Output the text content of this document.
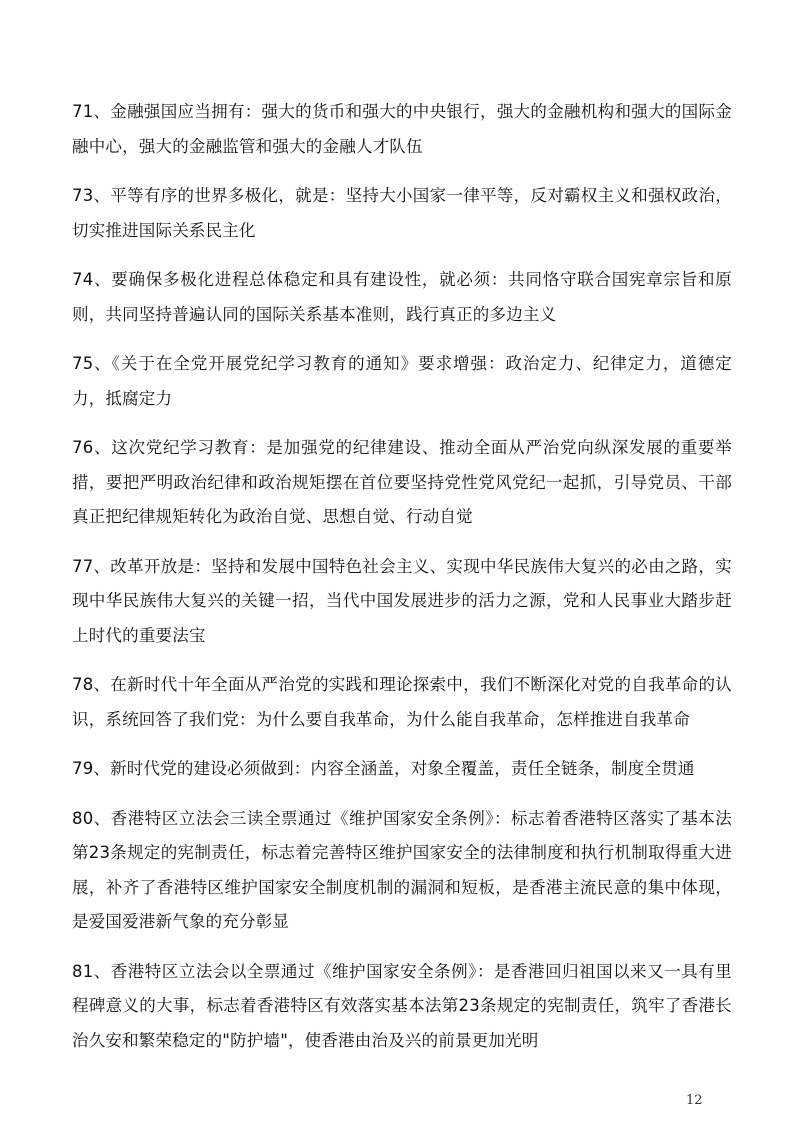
71、金融强国应当拥有：强大的货币和强大的中央银行，强大的金融机构和强大的国际金融中心，强大的金融监管和强大的金融人才队伍

73、平等有序的世界多极化，就是：坚持大小国家一律平等，反对霸权主义和强权政治，切实推进国际关系民主化

74、要确保多极化进程总体稳定和具有建设性，就必须：共同恪守联合国宪章宗旨和原则，共同坚持普遍认同的国际关系基本准则，践行真正的多边主义

75、《关于在全党开展党纪学习教育的通知》要求增强：政治定力、纪律定力，道德定力，抵腐定力

76、这次党纪学习教育：是加强党的纪律建设、推动全面从严治党向纵深发展的重要举措，要把严明政治纪律和政治规矩摆在首位要坚持党性党风党纪一起抓，引导党员、干部真正把纪律规矩转化为政治自觉、思想自觉、行动自觉

77、改革开放是：坚持和发展中国特色社会主义、实现中华民族伟大复兴的必由之路，实现中华民族伟大复兴的关键一招，当代中国发展进步的活力之源，党和人民事业大踏步赶上时代的重要法宝

78、在新时代十年全面从严治党的实践和理论探索中，我们不断深化对党的自我革命的认识，系统回答了我们党：为什么要自我革命，为什么能自我革命，怎样推进自我革命

79、新时代党的建设必须做到：内容全涵盖，对象全覆盖，责任全链条，制度全贯通

80、香港特区立法会三读全票通过《维护国家安全条例》：标志着香港特区落实了基本法第23条规定的宪制责任，标志着完善特区维护国家安全的法律制度和执行机制取得重大进展，补齐了香港特区维护国家安全制度机制的漏洞和短板，是香港主流民意的集中体现，是爱国爱港新气象的充分彰显

81、香港特区立法会以全票通过《维护国家安全条例》：是香港回归祖国以来又一具有里程碑意义的大事，标志着香港特区有效落实基本法第23条规定的宪制责任，筑牢了香港长治久安和繁荣稳定的"防护墙"，使香港由治及兴的前景更加光明

12
